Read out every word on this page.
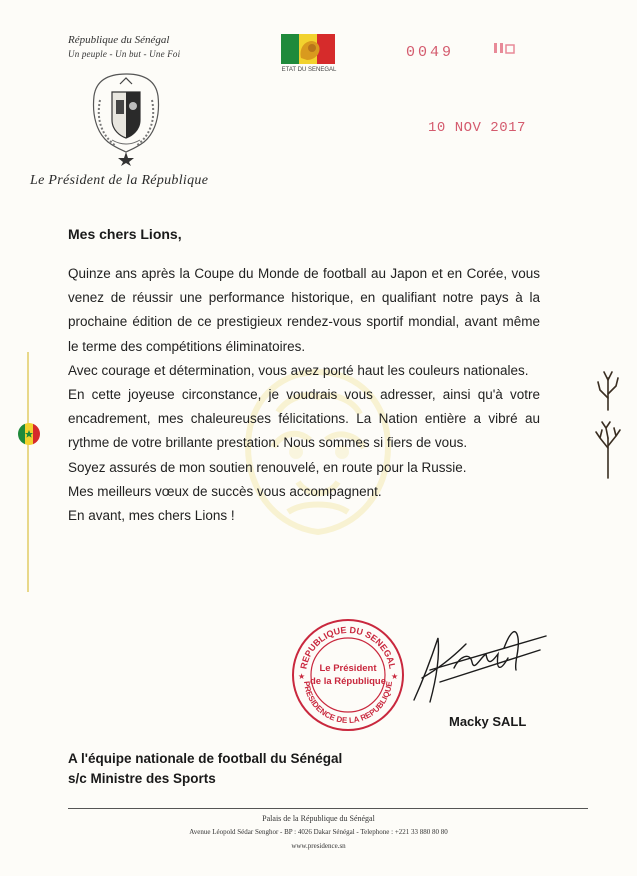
République du Sénégal
Un peuple - Un but - Une Foi
Le Président de la République
ETAT DU SENEGAL
0049
10 NOV 2017
Mes chers Lions,

Quinze ans après la Coupe du Monde de football au Japon et en Corée, vous venez de réussir une performance historique, en qualifiant notre pays à la prochaine édition de ce prestigieux rendez-vous sportif mondial, avant même le terme des compétitions éliminatoires.

Avec courage et détermination, vous avez porté haut les couleurs nationales.

En cette joyeuse circonstance, je voudrais vous adresser, ainsi qu'à votre encadrement, mes chaleureuses félicitations. La Nation entière a vibré au rythme de votre brillante prestation. Nous sommes si fiers de vous.

Soyez assurés de mon soutien renouvelé, en route pour la Russie.

Mes meilleurs vœux de succès vous accompagnent.

En avant, mes chers Lions !

REPUBLIQUE DU SENEGAL
PRESIDENCE DE LA REPUBLIQUE
Le Président
de la République
★	★
Macky SALL
A l'équipe nationale de football du Sénégal
s/c Ministre des Sports
Palais de la République du Sénégal
Avenue Léopold Sédar Senghor - BP : 4026 Dakar Sénégal - Telephone : +221 33 880 80 80
www.presidence.sn
